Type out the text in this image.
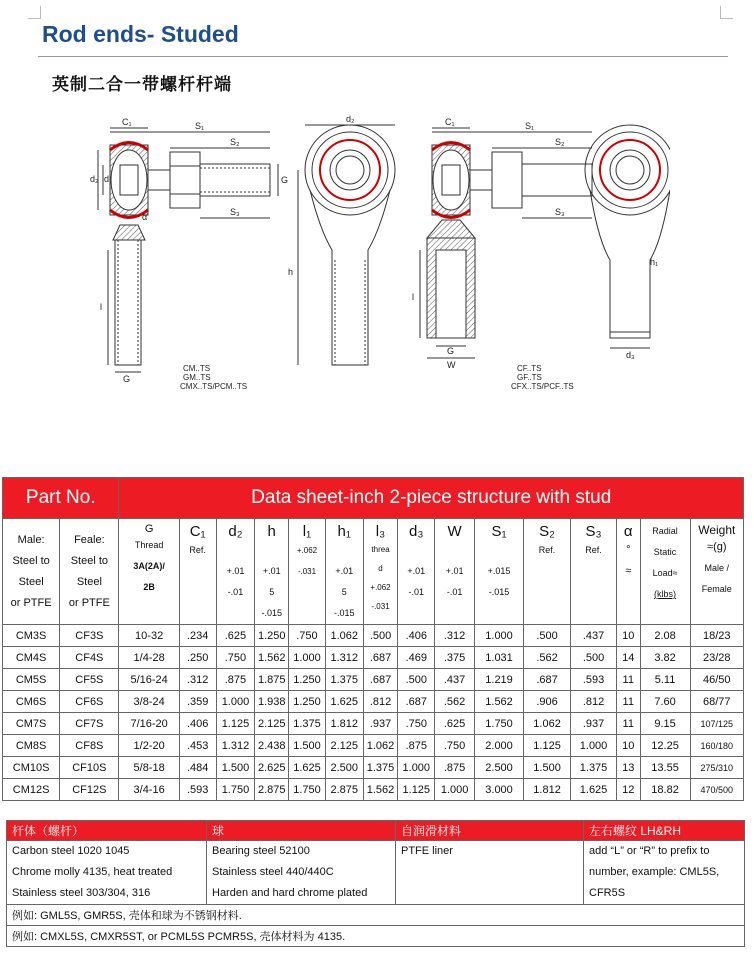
Rod ends- Studed
英制二合一带螺杆杆端
C₁	S₁
S₂
S₃
d₂ d	G
l
G
α
d₂
h
C₁	S₁
S₂
S₃
l
G
W
d₃
h₁
CM..TS
GM..TS
CMX..TS/PCM..TS
CF..TS
GF..TS
CFX..TS/PCF..TS
Part No.		Data sheet-inch 2-piece structure with stud														
Male:
Steel to
Steel
or PTFE	Feale:
Steel to
Steel
or PTFE	G
Thread
3A(2A)/
2B	C₁
Ref.	d₂

+.01
-.01	h

+.01
5
-.015	l₁
+.062
-.031	h₁

+.01
5
-.015	l₃
threa
d
+.062
-.031	d₃

+.01
-.01	W

+.01
-.01	S₁

+.015
-.015	S₂
Ref.	S₃
Ref.	α
°
≈	Radial
Static
Load≈
(klbs)	Weight
≈(g)
Male /
Female

CM3S	CF3S	10-32	.234	.625	1.250	.750	1.062	.500	.406	.312	1.000	.500	.437	10	2.08	18/23
CM4S	CF4S	1/4-28	.250	.750	1.562	1.000	1.312	.687	.469	.375	1.031	.562	.500	14	3.82	23/28
CM5S	CF5S	5/16-24	.312	.875	1.875	1.250	1.375	.687	.500	.437	1.219	.687	.593	11	5.11	46/50
CM6S	CF6S	3/8-24	.359	1.000	1.938	1.250	1.625	.812	.687	.562	1.562	.906	.812	11	7.60	68/77
CM7S	CF7S	7/16-20	.406	1.125	2.125	1.375	1.812	.937	.750	.625	1.750	1.062	.937	11	9.15	107/125
CM8S	CF8S	1/2-20	.453	1.312	2.438	1.500	2.125	1.062	.875	.750	2.000	1.125	1.000	10	12.25	160/180
CM10S	CF10S	5/8-18	.484	1.500	2.625	1.625	2.500	1.375	1.000	.875	2.500	1.500	1.375	13	13.55	275/310
CM12S	CF12S	3/4-16	.593	1.750	2.875	1.750	2.875	1.562	1.125	1.000	3.000	1.812	1.625	12	18.82	470/500
杆体（螺杆）	球	自润滑材料	左右螺纹 LH&RH

Carbon steel 1020 1045
Chrome molly 4135, heat treated
Stainless steel 303/304, 316	Bearing steel 52100
Stainless steel 440/440C
Harden and hard chrome plated	PTFE liner	add “L” or “R” to prefix to
number, example: CML5S,
CFR5S

例如: GML5S, GMR5S, 壳体和球为不锈钢材料.			
例如: CMXL5S, CMXR5ST, or PCML5S PCMR5S, 壳体材料为 4135.			
